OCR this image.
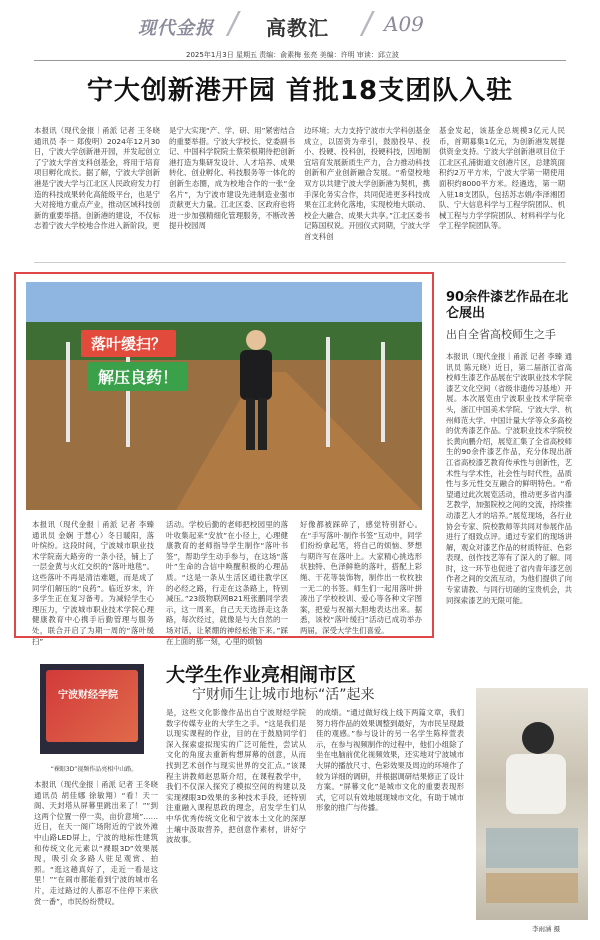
现代金报 / 高教汇 / A09
2025年1月3日 星期五 责编：俞素梅 张亮 美编：许明 审读：邱立波
宁大创新港开园 首批18支团队入驻
本报讯（现代金报｜甬派 记者 王冬晓 通讯员 李一 郑俊明）2024年12月30日，宁波大学创新港开园，并发起创立了宁波大学首支科创基金，将用于培育项目孵化成长。据了解，宁波大学创新港是宁波大学与江北区人民政府发力打造的科技成果转化高能级平台，也是宁大对接地方重点产业，推动区域科技创新的重要举措。创新港的建设，不仅标志着宁波大学校地合作进入新阶段，更
是宁大实现“产、学、研、用”紧密结合的重要举措。宁波大学校长、党委副书记、中国科学院院士蔡荣根期待把创新港打造为集研发设计、人才培养、成果转化、创业孵化、科技服务等一体化的创新生态圈，成为校地合作的一张“金名片”，为宁波市建设先进制造业强市贡献更大力量。江北区委、区政府也将进一步加强精细化管理服务，不断改善提升校园周
边环境；大力支持宁波市大学科创基金成立，以固资为牵引，鼓励投早、投小、投硬、投科创，投硬科技，因地制宜培育发展新质生产力，合力推动科技创新和产业创新融合发展。“希望校地双方以共建宁波大学创新港为契机，携手深化务实合作，共同促进更多科技成果在江北转化落地，实现校地大联动、校企大融合、成果大共享。”江北区委书记陈国权说。开园仪式同期，宁波大学首支科创
基金发起，该基金总规模3亿元人民币，首期募集1亿元，为创新港发展提供资金支持。宁波大学创新港项目位于江北区孔浦街道文创港片区，总建筑面积约2万平方米，宁波大学第一期使用面积约8000平方米。经遴选，第一期入驻18支团队，包括苏志娟/李泽湘团队、宁大信息科学与工程学院团队、机械工程与力学学院团队、材料科学与化学工程学院团队等。
落叶缓扫？
解压良药！
本报讯（现代金报｜甬派 记者 李臻 通讯员 金娴 于慧心）冬日暖阳，落叶缤纷。这段时间，宁波城市职业技术学院南大路旁的一条小径，铺上了一层金黄与火红交织的“落叶地毯”。这些落叶不再是清洁难题，而是成了同学们解压的“良药”。临近岁末，许多学生正在复习备考。为减轻学生心理压力，宁波城市职业技术学院心理健康教育中心携手后勤管理与服务处，联合开启了为期一周的“落叶缓扫”
活动。学校后勤的老师把校园里的落叶收集起来“安放”在小径上，心理健康教育的老师指导学生制作“落叶书签”，帮助学生动手参与，在这场“落叶”生命的合信中唤醒积极的心理品质。“这是一条从生活区通往教学区的必经之路，行走在这条路上，特别减压。”23级物联网B21班张鹏同学表示，这一周来，自己天天选择走这条路，每次经过，就像是与大自然的一场对话，让紧绷的神经松弛下来。”踩在上面的那一刻，心里的烦恼
好像都被踩碎了，感觉特别舒心。在“手写落叶·制作书签”互动中，同学们纷纷拿起笔，将自己的烦恼、梦想与期许写在落叶上。大家精心挑选形状独特、色泽鲜艳的落叶，搭配上彩绳、干花等装饰物，制作出一枚枚独一无二的书签。师生们一起用落叶拼凑出了学校校训、爱心等各种文字图案，把爱与祝福大胆地表达出来。据悉，该校“落叶缓扫”活动已成功举办两届，深受大学生们喜爱。
90余件漆艺作品在北仑展出
出自全省高校师生之手
本报讯（现代金报｜甬派 记者 李臻 通讯员 陈元晓）近日，第二届浙江省高校师生漆艺作品展在宁波职业技术学院漆艺文化空间（省级非遗传习基地）开展。本次展览由宁波职业技术学院牵头，浙江中国美术学院、宁波大学、杭州师范大学、中国计量大学等众多高校的优秀漆艺作品。宁波职业技术学院校长黄向鹏介绍，展览汇集了全省高校师生的90余件漆艺作品，充分体现出浙江省高校漆艺教育传承性与创新性，艺术性与学术性，社会性与时代性，品质性与多元性交互融合的鲜明特色。“希望通过此次展览活动，推动更多省内漆艺教学，加强院校之间的交流，持续推动漆艺人才的培养。”展览现场，各行业协会专家、院校教师等共同对参展作品进行了细致点评。通过专家们的现场讲解，观众对漆艺作品的材质特征、色彩表现、创作技艺等有了深入的了解。同时，这一环节也促进了省内青年漆艺创作者之间的交流互动，为他们提供了向专家请教、与同行切磋的宝贵机会，共同探索漆艺的无限可能。
宁波财经学院
“裸眼3D”视频作品亮相中山路。
大学生作业亮相闹市区
宁财师生让城市地标“活”起来
本报讯（现代金报｜甬派 记者 王冬晓 通讯员 胡佳娜 徐敏翔）“看！天一阁、天封塔从屏幕里跳出来了！”“到这两个位置一停一卖，亩价意境”……近日，在天一阁广场附近的宁波外滩中山路LED屏上，宁波的地标性建筑和传统文化元素以“裸眼3D”效果展现，吸引众多路人驻足观赏、拍照。“逛这趟真好了，走近一看是这里！”“在闹市都能看到宁波的城市名片，走过路过的人都忍不住停下来欣赏一番”，市民纷纷赞叹。
是，这些文化影像作品出自宁波财经学院数字传媒专业的大学生之手。“这是我们是以现实课程的作业，目的在于鼓励同学们深入探索虚拟现实的广泛可能性，尝试从文化的角度去重新构想屏幕的创意，从而找到艺术创作与现实世界的交汇点。”该课程主讲教师赵思斯介绍，在课程教学中，我们不仅深入探究了模拟空间的构建以及实现裸眼3D效果的多种技术手段，还特别注重融入课程思政的理念，启发学生们从中华优秀传统文化和宁波本土文化的深厚土壤中汲取营养，把创意作素材，讲好宁波故事。
的成绩。“通过做好线上线下两篇文章，我们努力将作品的效果调整到最好，为市民呈现最佳的观感。”参与设计的另一名学生陈梓萱表示，在参与视频制作的过程中，他们小组除了坐在电脑前优化视频效果，还实地对宁波城市大屏的播放尺寸、色彩效果及周边的环境作了较为详细的调研，并根据调研结果修正了设计方案。“屏幕文化”是城市文化的重要表现形式，它可以有效地展现城市文化，有助于城市形象的推广与传播。
李雨涵 摄
